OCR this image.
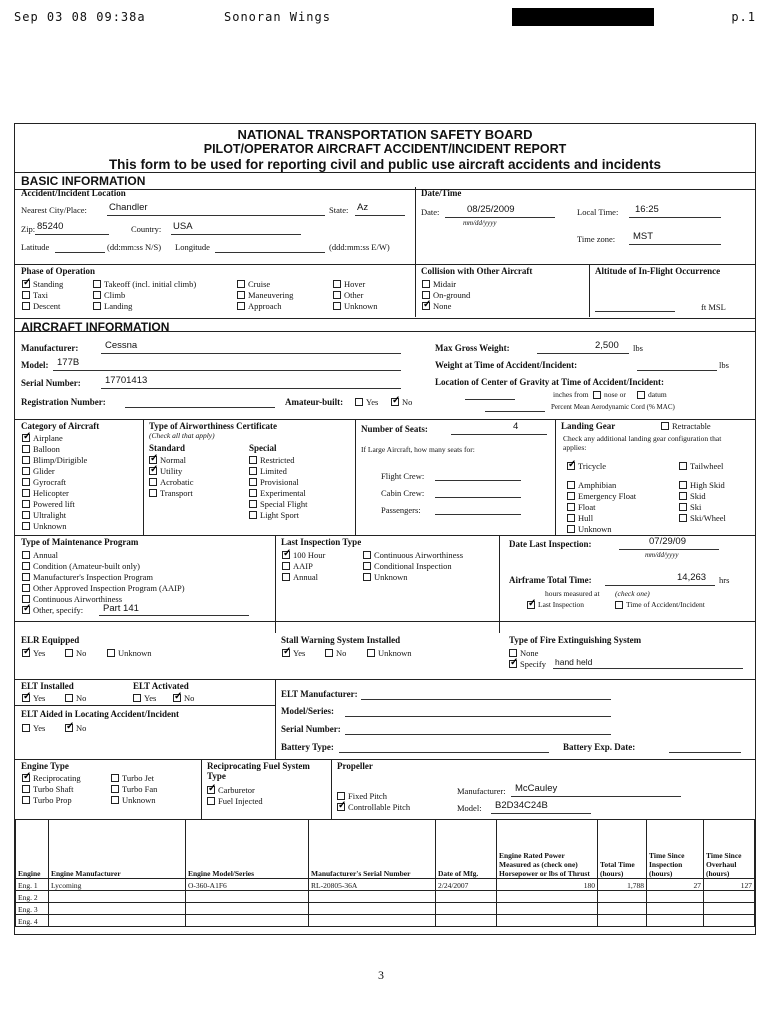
Sep 03 08 09:38a	Sonoran Wings	p.1
NATIONAL TRANSPORTATION SAFETY BOARD
PILOT/OPERATOR AIRCRAFT ACCIDENT/INCIDENT REPORT
This form to be used for reporting civil and public use aircraft accidents and incidents
BASIC INFORMATION
Accident/Incident Location
Nearest City/Place: Chandler	State: Az
Zip: 85240	Country: USA
Latitude	(dd:mm:ss N/S) Longitude	(ddd:mm:ss E/W)
Date/Time
Date:	08/25/2009
mm/dd/yyyy
Local Time: 16:25
Time zone: MST
Phase of Operation
✓
Standing
Taxi
Descent
Takeoff (incl. initial climb)
Climb
Landing
Cruise
Maneuvering
Approach
Hover
Other
Unknown
Collision with Other Aircraft
Midair
On-ground
✓
None
Altitude of In-Flight Occurrence
ft MSL
AIRCRAFT INFORMATION
Manufacturer:	Cessna
Model: 177B
Serial Number:	17701413
Registration Number:	Amateur-built:	Yes ✓	No
Max Gross Weight:	2,500 lbs
Weight at Time of Accident/Incident:	lbs
Location of Center of Gravity at Time of Accident/Incident:
inches from nose or	datum
Percent Mean Aerodynamic Cord (% MAC)
Category of Aircraft
✓
Airplane
Balloon
Blimp/Dirigible
Glider
Gyrocraft
Helicopter
Powered lift
Ultralight
Unknown
Type of Airworthiness Certificate
(Check all that apply)
Standard
✓
Normal
✓
Utility
Acrobatic
Transport
Special
Restricted
Limited
Provisional
Experimental
Special Flight
Light Sport
Number of Seats:	4
If Large Aircraft, how many seats for:
Flight Crew:
Cabin Crew:
Passengers:
Landing Gear	Retractable
Check any additional landing gear configuration that applies:
✓
Tricycle	Tailwheel
Amphibian
Emergency Float
Float
Hull
Unknown
High Skid
Skid
Ski
Ski/Wheel
Type of Maintenance Program
Annual
Condition (Amateur-built only)
Manufacturer's Inspection Program
Other Approved Inspection Program (AAIP)
Continuous Airworthiness
✓
Other, specify: Part 141
Last Inspection Type
✓
100 Hour
AAIP
Annual
Continuous Airworthiness
Conditional Inspection
Unknown
Date Last Inspection:	07/29/09
mm/dd/yyyy
Airframe Total Time:	14,263 hrs
hours measured at (check one)
✓
Last Inspection	Time of Accident/Incident
ELR Equipped
✓
Yes	No	Unknown
Stall Warning System Installed
✓
Yes	No	Unknown
Type of Fire Extinguishing System
None
✓
Specify hand held
ELT Installed
✓
Yes	No
ELT Activated
Yes ✓	No
ELT Aided in Locating Accident/Incident
Yes ✓	No
ELT Manufacturer:
Model/Series:
Serial Number:
Battery Type:	Battery Exp. Date:
Engine Type
✓
Reciprocating
Turbo Shaft
Turbo Prop
Turbo Jet
Turbo Fan
Unknown
Reciprocating Fuel System Type
✓
Carburetor
Fuel Injected
Propeller
Fixed Pitch
✓
Controllable Pitch
Manufacturer: McCauley
Model: B2D34C24B
Engine	Engine Manufacturer	Engine Model/Series	Manufacturer's Serial Number	Date of Mfg.	Engine Rated Power Measured as (check one)
Horsepower or lbs of Thrust	Total Time (hours)	Time Since Inspection (hours)	Time Since Overhaul (hours)
Eng. 1	Lycoming	O-360-A1F6	RL-20805-36A	2/24/2007	180	1,788	27	127
Eng. 2								
Eng. 3								
Eng. 4								
3
